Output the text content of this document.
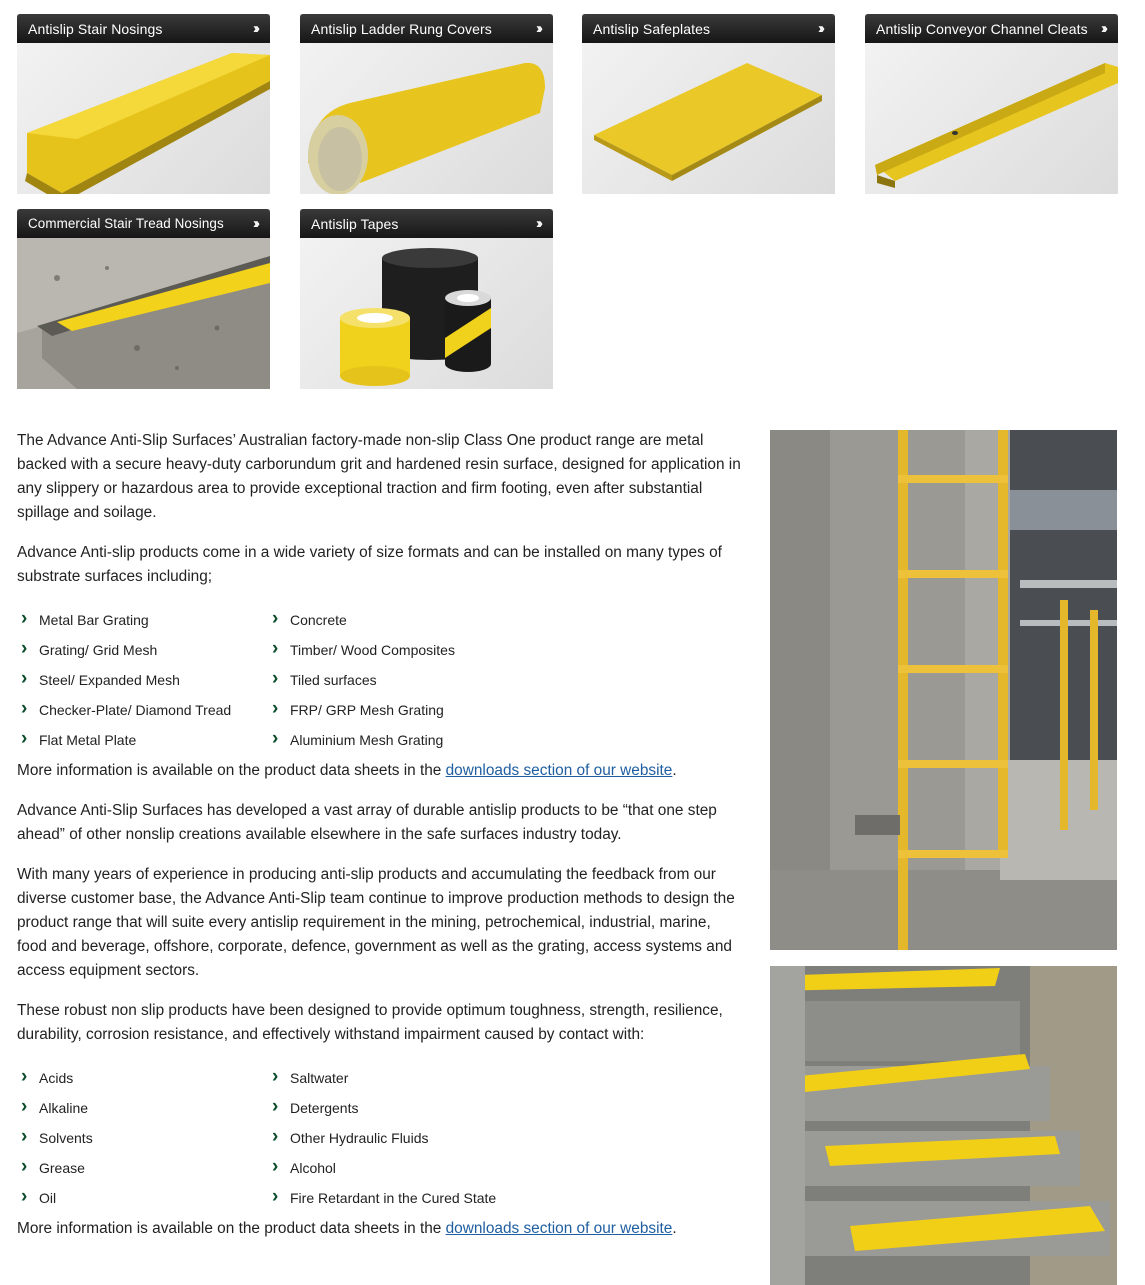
Antislip Stair Nosings	››	Antislip Ladder Rung Covers	››	Antislip Safeplates	››	Antislip Conveyor Channel Cleats ››
Commercial Stair Tread Nosings ››	Antislip Tapes	››

The Advance Anti-Slip Surfaces’ Australian factory-made non-slip Class One product range are metal backed with a secure heavy-duty carborundum grit and hardened resin surface, designed for application in any slippery or hazardous area to provide exceptional traction and firm footing, even after substantial spillage and soilage.

Advance Anti-slip products come in a wide variety of size formats and can be installed on many types of substrate surfaces including;

› Metal Bar Grating	› Concrete
› Grating/ Grid Mesh	› Timber/ Wood Composites
› Steel/ Expanded Mesh	› Tiled surfaces
› Checker-Plate/ Diamond Tread	› FRP/ GRP Mesh Grating
› Flat Metal Plate	› Aluminium Mesh Grating

More information is available on the product data sheets in the downloads section of our website.

Advance Anti-Slip Surfaces has developed a vast array of durable antislip products to be “that one step ahead” of other nonslip creations available elsewhere in the safe surfaces industry today.

With many years of experience in producing anti-slip products and accumulating the feedback from our diverse customer base, the Advance Anti-Slip team continue to improve production methods to design the product range that will suite every antislip requirement in the mining, petrochemical, industrial, marine, food and beverage, offshore, corporate, defence, government as well as the grating, access systems and access equipment sectors.

These robust non slip products have been designed to provide optimum toughness, strength, resilience, durability, corrosion resistance, and effectively withstand impairment caused by contact with:

› Acids	› Saltwater
› Alkaline	› Detergents
› Solvents	› Other Hydraulic Fluids
› Grease	› Alcohol
› Oil	› Fire Retardant in the Cured State

More information is available on the product data sheets in the downloads section of our website.
